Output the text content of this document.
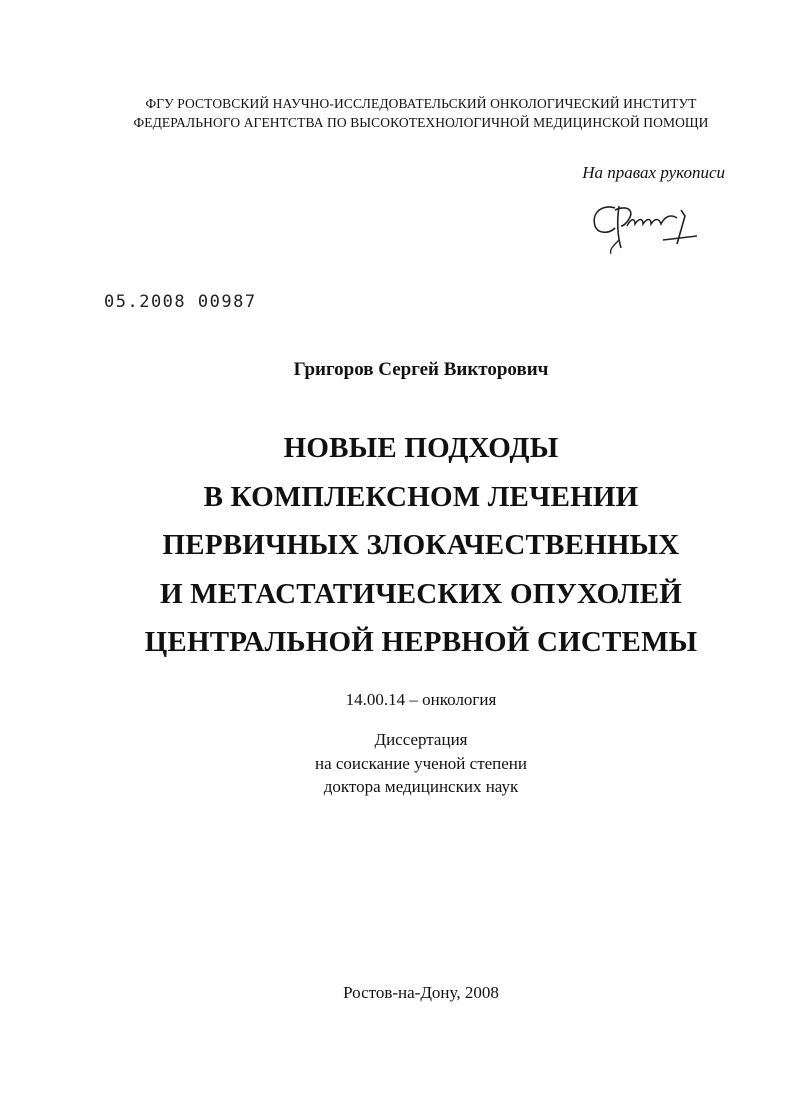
ФГУ РОСТОВСКИЙ НАУЧНО-ИССЛЕДОВАТЕЛЬСКИЙ ОНКОЛОГИЧЕСКИЙ ИНСТИТУТ
ФЕДЕРАЛЬНОГО АГЕНТСТВА ПО ВЫСОКОТЕХНОЛОГИЧНОЙ МЕДИЦИНСКОЙ ПОМОЩИ
На правах рукописи
05.2008 00987
Григоров Сергей Викторович
НОВЫЕ ПОДХОДЫ
В КОМПЛЕКСНОМ ЛЕЧЕНИИ
ПЕРВИЧНЫХ ЗЛОКАЧЕСТВЕННЫХ
И МЕТАСТАТИЧЕСКИХ ОПУХОЛЕЙ
ЦЕНТРАЛЬНОЙ НЕРВНОЙ СИСТЕМЫ
14.00.14 – онкология
Диссертация
на соискание ученой степени
доктора медицинских наук
Ростов-на-Дону, 2008
